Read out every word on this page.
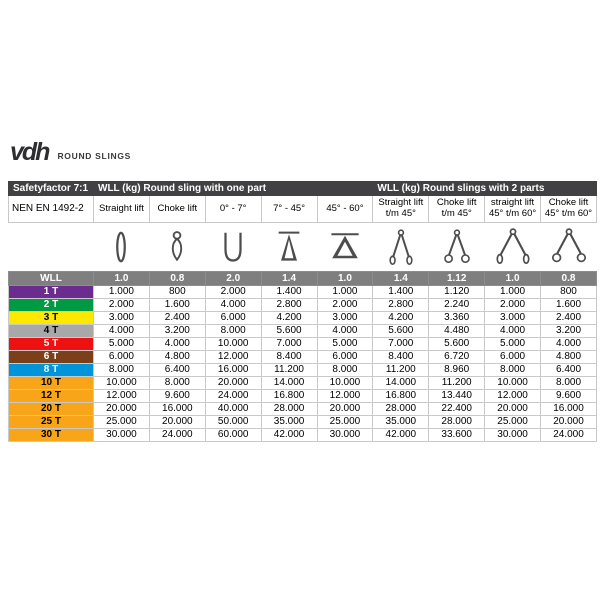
vdh ROUND SLINGS
Safetyfactor 7:1	WLL (kg) Round sling with one part					WLL (kg) Round slings with 2 parts			
NEN EN 1492-2	Straight lift	Choke lift	0° - 7°	7° - 45°	45° - 60°	Straight lift t/m 45°	Choke lift t/m 45°	straight lift 45° t/m 60°	Choke lift 45° t/m 60°

WLL	1.0	0.8	2.0	1.4	1.0	1.4	1.12	1.0	0.8
1 T	1.000	800	2.000	1.400	1.000	1.400	1.120	1.000	800
2 T	2.000	1.600	4.000	2.800	2.000	2.800	2.240	2.000	1.600
3 T	3.000	2.400	6.000	4.200	3.000	4.200	3.360	3.000	2.400
4 T	4.000	3.200	8.000	5.600	4.000	5.600	4.480	4.000	3.200
5 T	5.000	4.000	10.000	7.000	5.000	7.000	5.600	5.000	4.000
6 T	6.000	4.800	12.000	8.400	6.000	8.400	6.720	6.000	4.800
8 T	8.000	6.400	16.000	11.200	8.000	11.200	8.960	8.000	6.400
10 T	10.000	8.000	20.000	14.000	10.000	14.000	11.200	10.000	8.000
12 T	12.000	9.600	24.000	16.800	12.000	16.800	13.440	12.000	9.600
20 T	20.000	16.000	40.000	28.000	20.000	28.000	22.400	20.000	16.000
25 T	25.000	20.000	50.000	35.000	25.000	35.000	28.000	25.000	20.000
30 T	30.000	24.000	60.000	42.000	30.000	42.000	33.600	30.000	24.000
